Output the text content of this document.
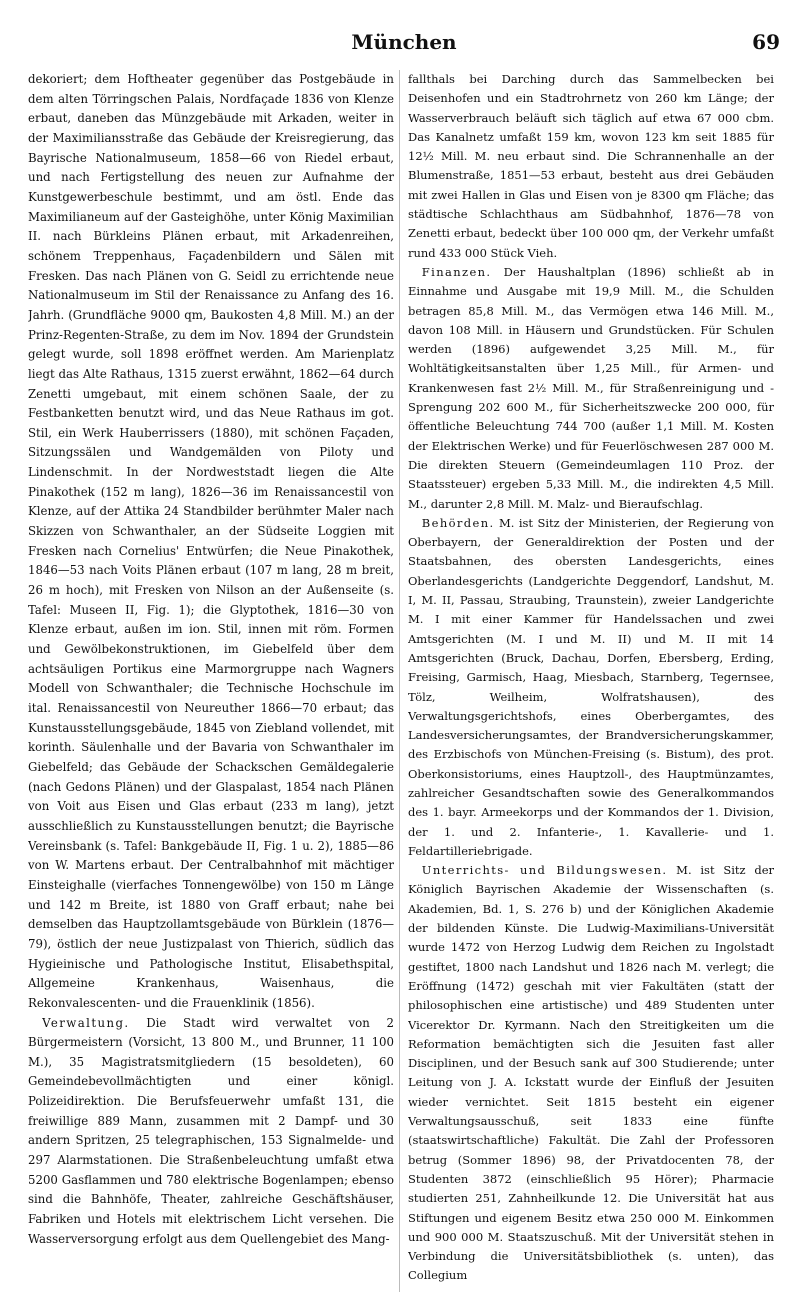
München	69

dekoriert; dem Hoftheater gegenüber das Postgebäude in dem alten Törringschen Palais, Nordfaçade 1836 von Klenze erbaut, daneben das Münzgebäude mit Arkaden, weiter in der Maximiliansstraße das Gebäude der Kreisregierung, das Bayrische Nationalmuseum, 1858—66 von Riedel erbaut, und nach Fertigstellung des neuen zur Aufnahme der Kunstgewerbeschule bestimmt, und am östl. Ende das Maximilianeum auf der Gasteighöhe, unter König Maximilian II. nach Bürkleins Plänen erbaut, mit Arkadenreihen, schönem Treppenhaus, Façadenbildern und Sälen mit Fresken. Das nach Plänen von G. Seidl zu errichtende neue Nationalmuseum im Stil der Renaissance zu Anfang des 16. Jahrh. (Grundfläche 9000 qm, Baukosten 4,8 Mill. M.) an der Prinz-Regenten-Straße, zu dem im Nov. 1894 der Grundstein gelegt wurde, soll 1898 eröffnet werden. Am Marienplatz liegt das Alte Rathaus, 1315 zuerst erwähnt, 1862—64 durch Zenetti umgebaut, mit einem schönen Saale, der zu Festbanketten benutzt wird, und das Neue Rathaus im got. Stil, ein Werk Hauberrissers (1880), mit schönen Façaden, Sitzungssälen und Wandgemälden von Piloty und Lindenschmit. In der Nordweststadt liegen die Alte Pinakothek (152 m lang), 1826—36 im Renaissancestil von Klenze, auf der Attika 24 Standbilder berühmter Maler nach Skizzen von Schwanthaler, an der Südseite Loggien mit Fresken nach Cornelius' Entwürfen; die Neue Pinakothek, 1846—53 nach Voits Plänen erbaut (107 m lang, 28 m breit, 26 m hoch), mit Fresken von Nilson an der Außenseite (s. Tafel: Museen II, Fig. 1); die Glyptothek, 1816—30 von Klenze erbaut, außen im ion. Stil, innen mit röm. Formen und Gewölbekonstruktionen, im Giebelfeld über dem achtsäuligen Portikus eine Marmorgruppe nach Wagners Modell von Schwanthaler; die Technische Hochschule im ital. Renaissancestil von Neureuther 1866—70 erbaut; das Kunstausstellungsgebäude, 1845 von Ziebland vollendet, mit korinth. Säulenhalle und der Bavaria von Schwanthaler im Giebelfeld; das Gebäude der Schackschen Gemäldegalerie (nach Gedons Plänen) und der Glaspalast, 1854 nach Plänen von Voit aus Eisen und Glas erbaut (233 m lang), jetzt ausschließlich zu Kunstausstellungen benutzt; die Bayrische Vereinsbank (s. Tafel: Bankgebäude II, Fig. 1 u. 2), 1885—86 von W. Martens erbaut. Der Centralbahnhof mit mächtiger Einsteighalle (vierfaches Tonnengewölbe) von 150 m Länge und 142 m Breite, ist 1880 von Graff erbaut; nahe bei demselben das Hauptzollamtsgebäude von Bürklein (1876—79), östlich der neue Justizpalast von Thierich, südlich das Hygieinische und Pathologische Institut, Elisabethspital, Allgemeine Krankenhaus, Waisenhaus, die Rekonvalescenten- und die Frauenklinik (1856).

Verwaltung. Die Stadt wird verwaltet von 2 Bürgermeistern (Vorsicht, 13 800 M., und Brunner, 11 100 M.), 35 Magistratsmitgliedern (15 besoldeten), 60 Gemeindebevollmächtigten und einer königl. Polizeidirektion. Die Berufsfeuerwehr umfaßt 131, die freiwillige 889 Mann, zusammen mit 2 Dampf- und 30 andern Spritzen, 25 telegraphischen, 153 Signalmelde- und 297 Alarmstationen. Die Straßenbeleuchtung umfaßt etwa 5200 Gasflammen und 780 elektrische Bogenlampen; ebenso sind die Bahnhöfe, Theater, zahlreiche Geschäftshäuser, Fabriken und Hotels mit elektrischem Licht versehen. Die Wasserversorgung erfolgt aus dem Quellengebiet des Mang-

fallthals bei Darching durch das Sammelbecken bei Deisenhofen und ein Stadtrohrnetz von 260 km Länge; der Wasserverbrauch beläuft sich täglich auf etwa 67 000 cbm. Das Kanalnetz umfaßt 159 km, wovon 123 km seit 1885 für 12½ Mill. M. neu erbaut sind. Die Schrannenhalle an der Blumenstraße, 1851—53 erbaut, besteht aus drei Gebäuden mit zwei Hallen in Glas und Eisen von je 8300 qm Fläche; das städtische Schlachthaus am Südbahnhof, 1876—78 von Zenetti erbaut, bedeckt über 100 000 qm, der Verkehr umfaßt rund 433 000 Stück Vieh.

Finanzen. Der Haushaltplan (1896) schließt ab in Einnahme und Ausgabe mit 19,9 Mill. M., die Schulden betragen 85,8 Mill. M., das Vermögen etwa 146 Mill. M., davon 108 Mill. in Häusern und Grundstücken. Für Schulen werden (1896) aufgewendet 3,25 Mill. M., für Wohltätigkeitsanstalten über 1,25 Mill., für Armen- und Krankenwesen fast 2½ Mill. M., für Straßenreinigung und -Sprengung 202 600 M., für Sicherheitszwecke 200 000, für öffentliche Beleuchtung 744 700 (außer 1,1 Mill. M. Kosten der Elektrischen Werke) und für Feuerlöschwesen 287 000 M. Die direkten Steuern (Gemeindeumlagen 110 Proz. der Staatssteuer) ergeben 5,33 Mill. M., die indirekten 4,5 Mill. M., darunter 2,8 Mill. M. Malz- und Bieraufschlag.

Behörden. M. ist Sitz der Ministerien, der Regierung von Oberbayern, der Generaldirektion der Posten und der Staatsbahnen, des obersten Landesgerichts, eines Oberlandesgerichts (Landgerichte Deggendorf, Landshut, M. I, M. II, Passau, Straubing, Traunstein), zweier Landgerichte M. I mit einer Kammer für Handelssachen und zwei Amtsgerichten (M. I und M. II) und M. II mit 14 Amtsgerichten (Bruck, Dachau, Dorfen, Ebersberg, Erding, Freising, Garmisch, Haag, Miesbach, Starnberg, Tegernsee, Tölz, Weilheim, Wolfratshausen), des Verwaltungsgerichtshofs, eines Oberbergamtes, des Landesversicherungsamtes, der Brandversicherungskammer, des Erzbischofs von München-Freising (s. Bistum), des prot. Oberkonsistoriums, eines Hauptzoll-, des Hauptmünzamtes, zahlreicher Gesandtschaften sowie des Generalkommandos des 1. bayr. Armeekorps und der Kommandos der 1. Division, der 1. und 2. Infanterie-, 1. Kavallerie- und 1. Feldartilleriebrigade.

Unterrichts- und Bildungswesen. M. ist Sitz der Königlich Bayrischen Akademie der Wissenschaften (s. Akademien, Bd. 1, S. 276 b) und der Königlichen Akademie der bildenden Künste. Die Ludwig-Maximilians-Universität wurde 1472 von Herzog Ludwig dem Reichen zu Ingolstadt gestiftet, 1800 nach Landshut und 1826 nach M. verlegt; die Eröffnung (1472) geschah mit vier Fakultäten (statt der philosophischen eine artistische) und 489 Studenten unter Vicerektor Dr. Kyrmann. Nach den Streitigkeiten um die Reformation bemächtigten sich die Jesuiten fast aller Disciplinen, und der Besuch sank auf 300 Studierende; unter Leitung von J. A. Ickstatt wurde der Einfluß der Jesuiten wieder vernichtet. Seit 1815 besteht ein eigener Verwaltungsausschuß, seit 1833 eine fünfte (staatswirtschaftliche) Fakultät. Die Zahl der Professoren betrug (Sommer 1896) 98, der Privatdocenten 78, der Studenten 3872 (einschließlich 95 Hörer); Pharmacie studierten 251, Zahnheilkunde 12. Die Universität hat aus Stiftungen und eigenem Besitz etwa 250 000 M. Einkommen und 900 000 M. Staatszuschuß. Mit der Universität stehen in Verbindung die Universitätsbibliothek (s. unten), das Collegium
